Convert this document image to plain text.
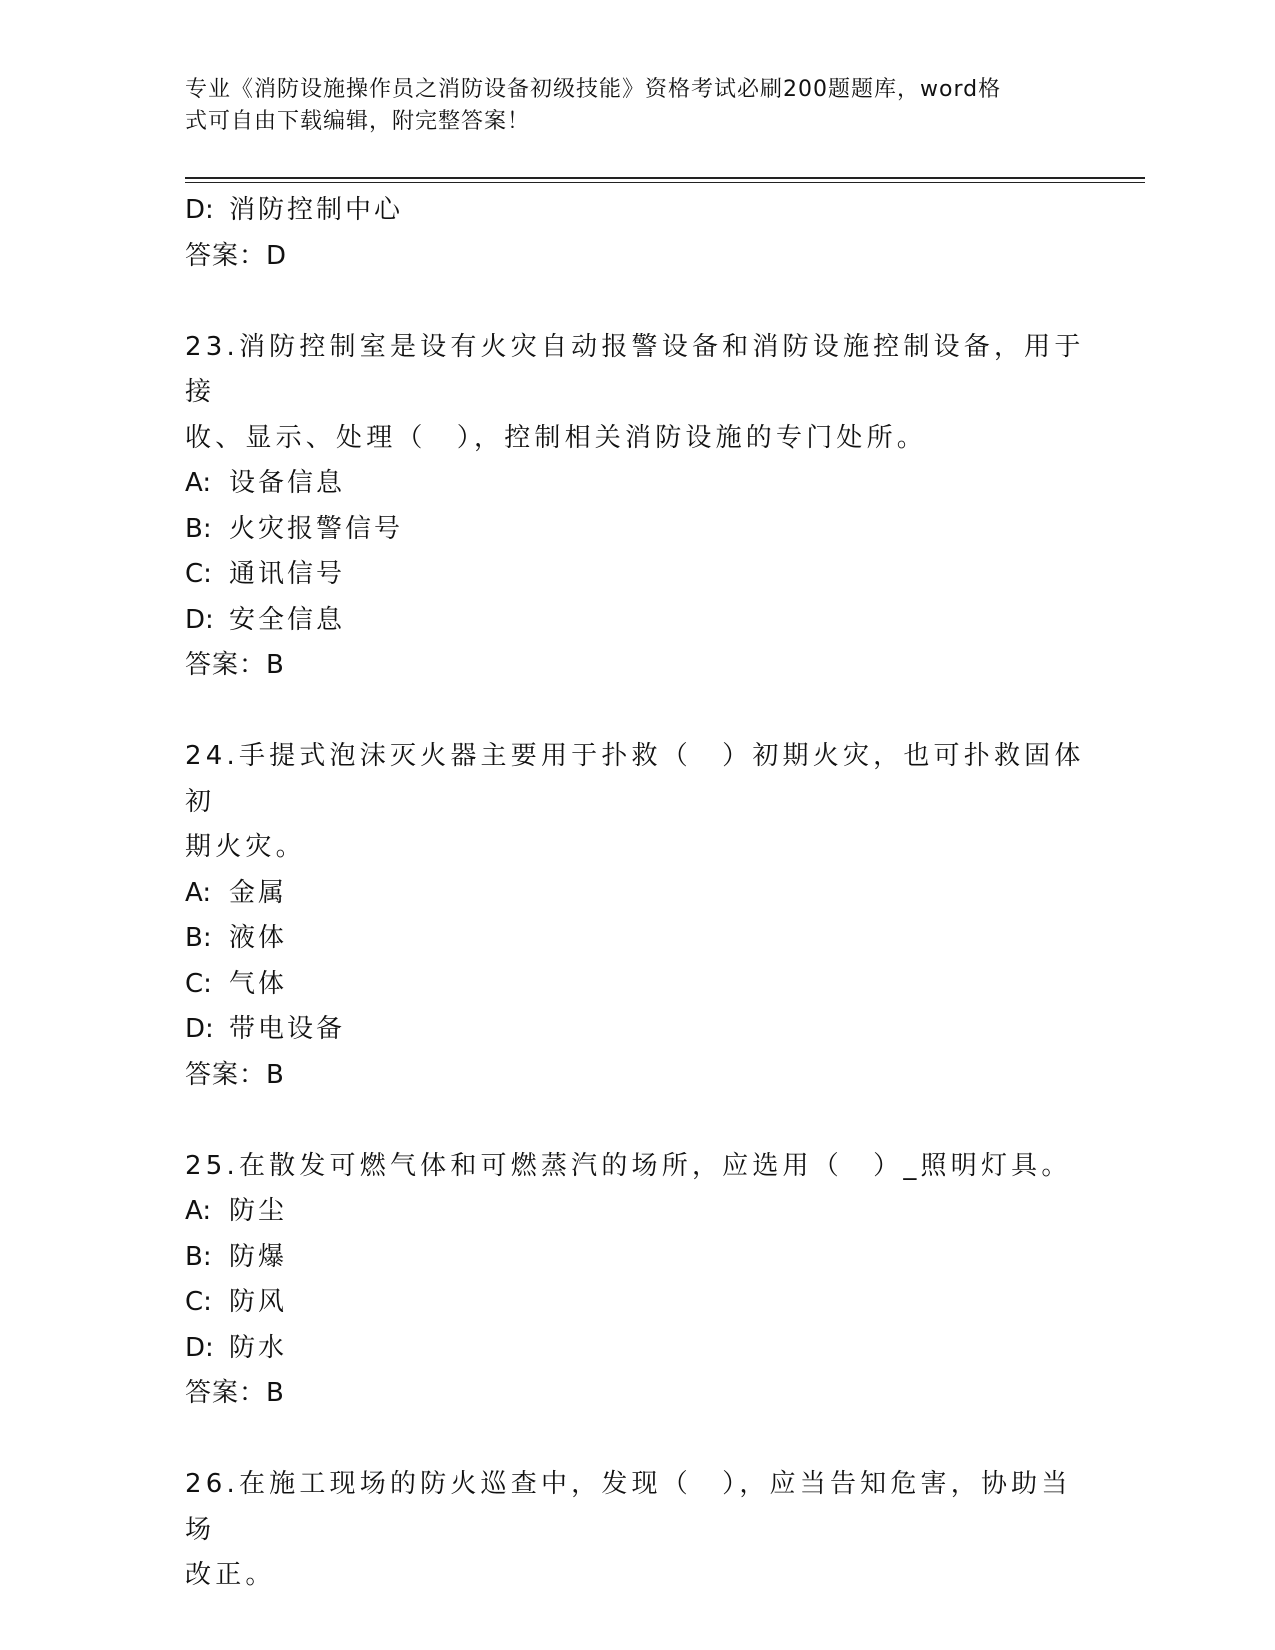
专业《消防设施操作员之消防设备初级技能》资格考试必刷200题题库，word格
式可自由下载编辑，附完整答案！
D: 消防控制中心
答案：D
23.消防控制室是设有火灾自动报警设备和消防设施控制设备，用于接
收、显示、处理（　），控制相关消防设施的专门处所。
A: 设备信息
B: 火灾报警信号
C: 通讯信号
D: 安全信息
答案：B
24.手提式泡沫灭火器主要用于扑救（　）初期火灾，也可扑救固体初
期火灾。
A: 金属
B: 液体
C: 气体
D: 带电设备
答案：B
25.在散发可燃气体和可燃蒸汽的场所，应选用（　）_照明灯具。
A: 防尘
B: 防爆
C: 防风
D: 防水
答案：B
26.在施工现场的防火巡查中，发现（　），应当告知危害，协助当场
改正。
